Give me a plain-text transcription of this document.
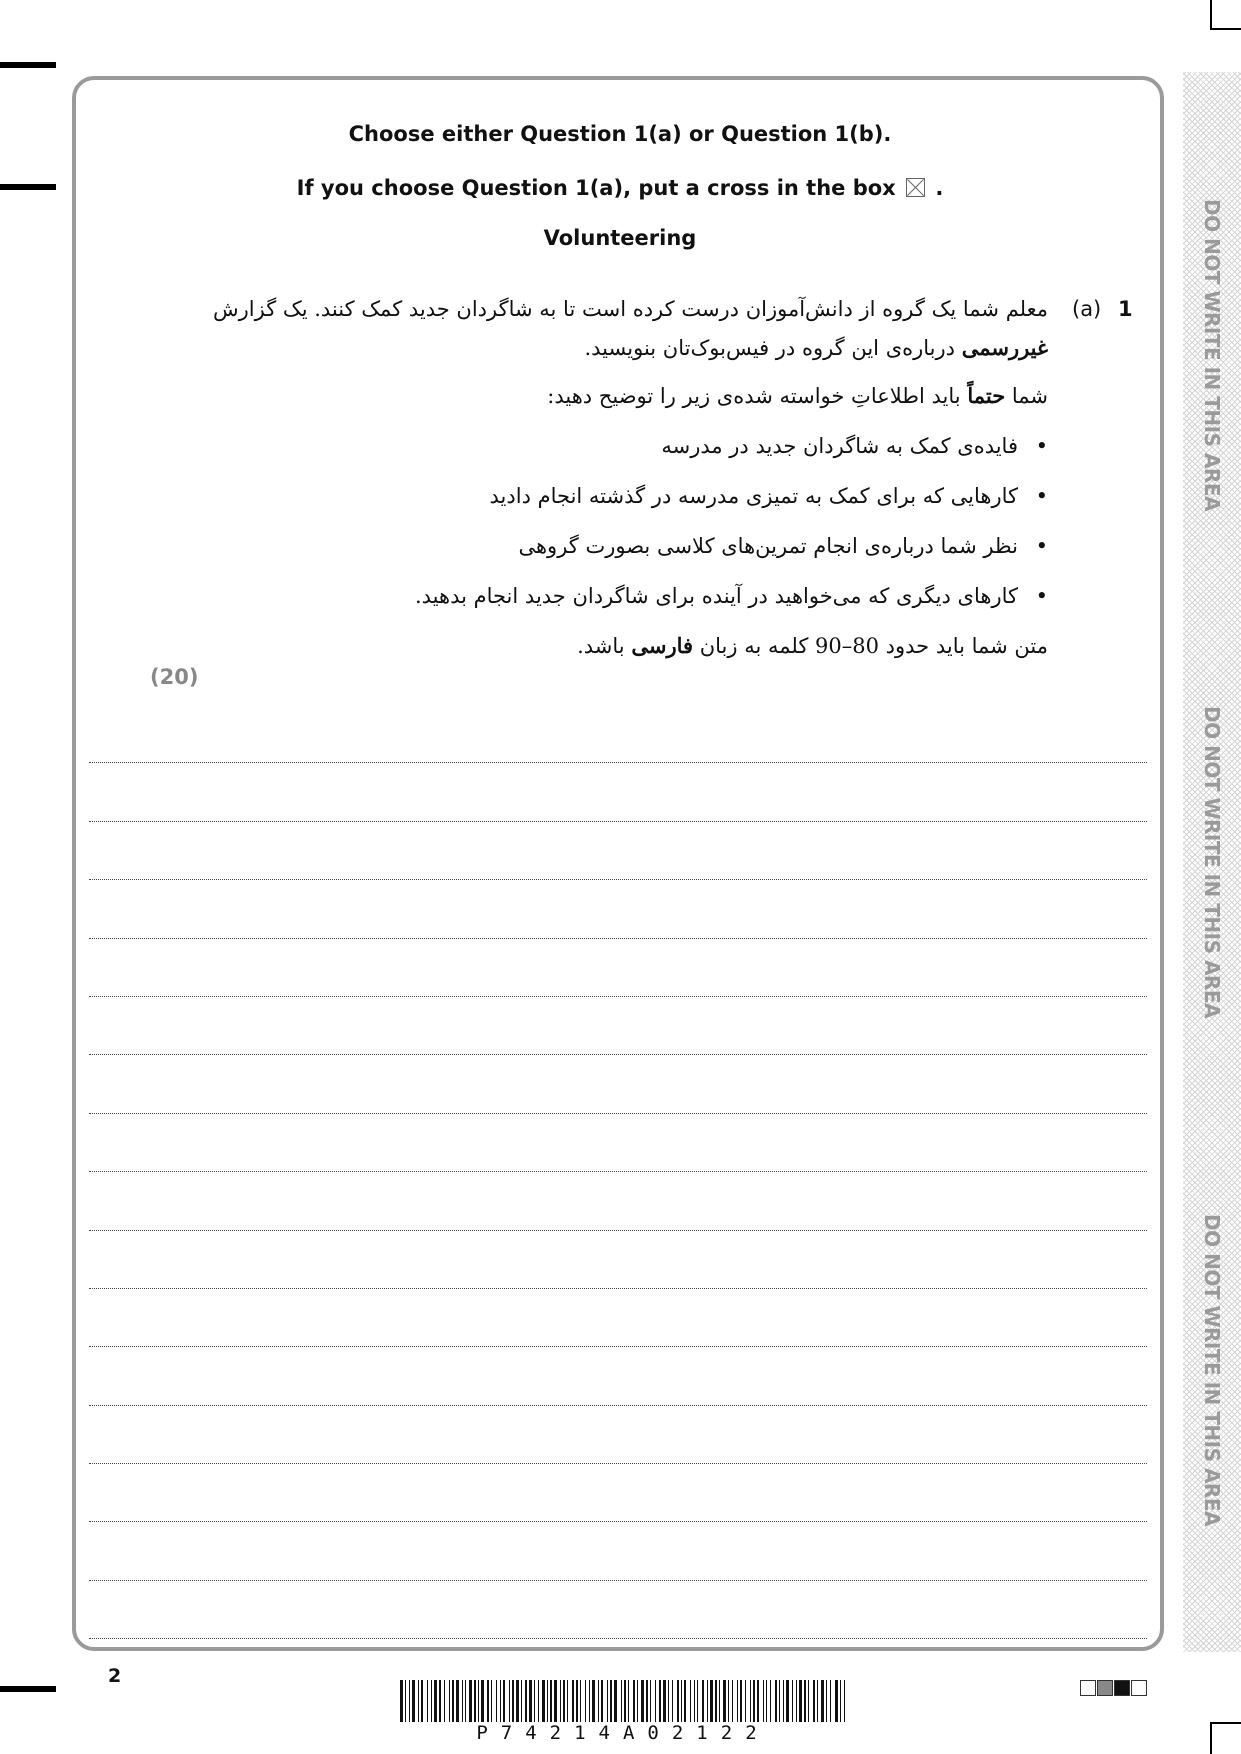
DO NOT WRITE IN THIS AREA
DO NOT WRITE IN THIS AREA
DO NOT WRITE IN THIS AREA
Choose either Question 1(a) or Question 1(b).
If you choose Question 1(a), put a cross in the box ☒ .
Volunteering
1
(a)
معلم شما یک گروه از دانش‌آموزان درست کرده است تا به شاگردان جدید کمک کنند. یک گزارش
غیررسمی درباره‌ی این گروه در فیس‌بوک‌تان بنویسید.
شما حتماً باید اطلاعاتِ خواسته شده‌ی زیر را توضیح دهید:
•فایده‌ی کمک به شاگردان جدید در مدرسه
•کارهایی که برای کمک به تمیزی مدرسه در گذشته انجام دادید
•نظر شما درباره‌ی انجام تمرین‌های کلاسی بصورت گروهی
•کارهای دیگری که می‌خواهید در آینده برای شاگردان جدید انجام بدهید.
متن شما باید حدود 80–90 کلمه به زبان فارسی باشد.
(20)
2
P74214A02122
